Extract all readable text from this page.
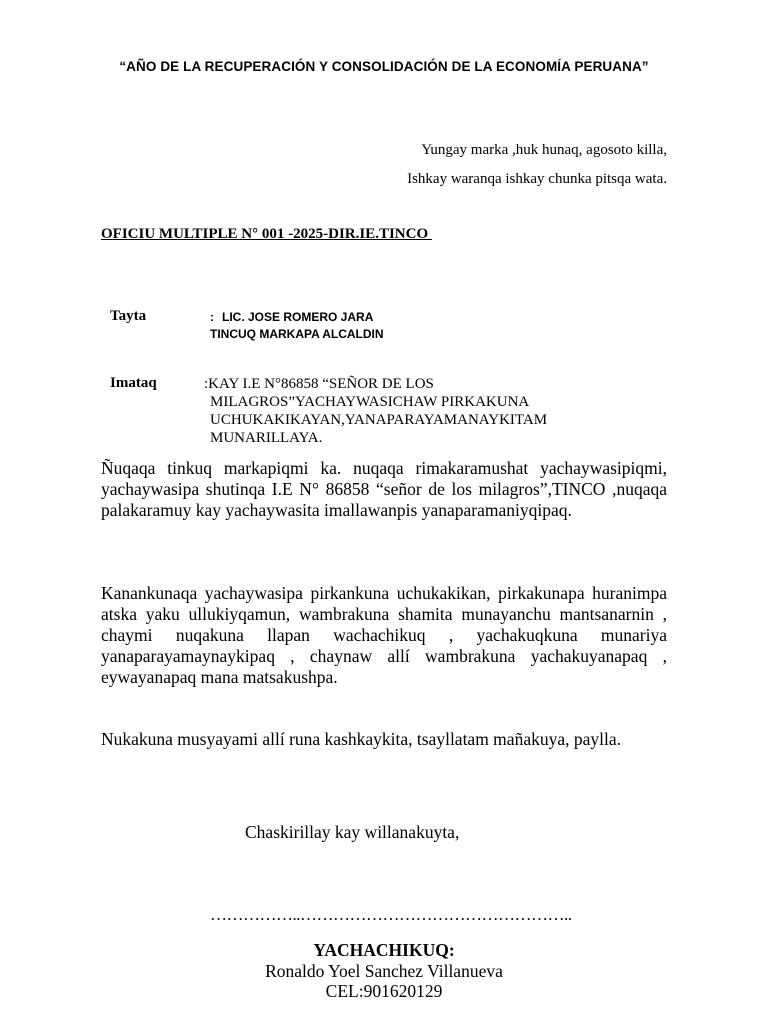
“AÑO DE LA RECUPERACIÓN Y CONSOLIDACIÓN DE LA ECONOMÍA PERUANA”
Yungay marka ,huk hunaq, agosoto killa,
Ishkay waranqa ishkay chunka pitsqa wata.
OFICIU MULTIPLE N° 001 -2025-DIR.IE.TINCO
Tayta	: LIC. JOSE ROMERO JARA
TINCUQ MARKAPA ALCALDIN
Imataq	:KAY I.E N°86858 “SEÑOR DE LOS
MILAGROS”YACHAYWASICHAW PIRKAKUNA
UCHUKAKIKAYAN,YANAPARAYAMANAYKITAM
MUNARILLAYA.

Ñuqaqa tinkuq markapiqmi ka. nuqaqa rimakaramushat yachaywasipiqmi, yachaywasipa shutinqa I.E N° 86858 “señor de los milagros”,TINCO ,nuqaqa palakaramuy kay yachaywasita imallawanpis yanaparamaniyqipaq.

Kanankunaqa yachaywasipa pirkankuna uchukakikan, pirkakunapa huranimpa atska yaku ullukiyqamun, wambrakuna shamita munayanchu mantsanarnin , chaymi nuqakuna llapan wachachikuq , yachakuqkuna munariya yanaparayamaynaykipaq , chaynaw allí wambrakuna yachakuyanapaq , eywayanapaq mana matsakushpa.

Nukakuna musyayami allí runa kashkaykita, tsayllatam mañakuya, paylla.

Chaskirillay kay willanakuyta,
……………..…………………………………………..
YACHACHIKUQ:
Ronaldo Yoel Sanchez Villanueva
CEL:901620129
